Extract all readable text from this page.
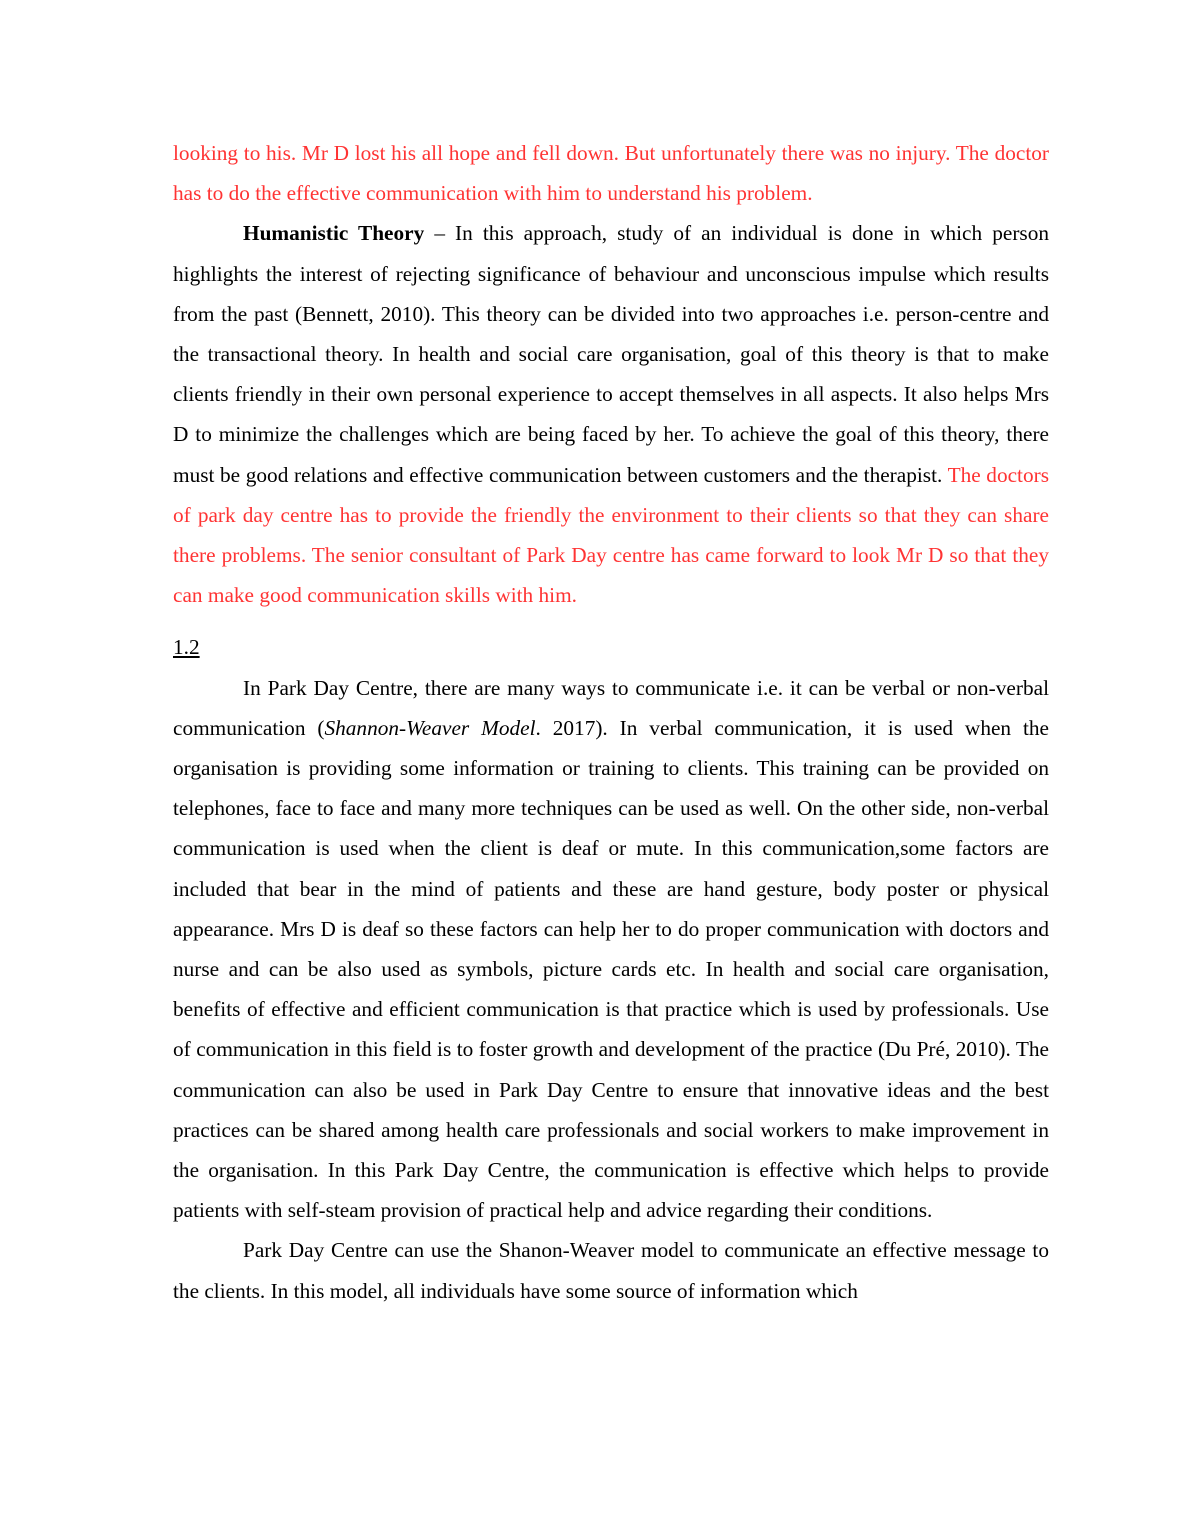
looking to his. Mr D lost his all hope and fell down. But unfortunately there was no injury. The doctor has to do the effective communication with him to understand his problem.

Humanistic Theory – In this approach, study of an individual is done in which person highlights the interest of rejecting significance of behaviour and unconscious impulse which results from the past (Bennett, 2010). This theory can be divided into two approaches i.e. person-centre and the transactional theory. In health and social care organisation, goal of this theory is that to make clients friendly in their own personal experience to accept themselves in all aspects. It also helps Mrs D to minimize the challenges which are being faced by her. To achieve the goal of this theory, there must be good relations and effective communication between customers and the therapist. The doctors of park day centre has to provide the friendly the environment to their clients so that they can share there problems. The senior consultant of Park Day centre has came forward to look Mr D so that they can make good communication skills with him.

1.2

In Park Day Centre, there are many ways to communicate i.e. it can be verbal or non-verbal communication (Shannon-Weaver Model. 2017). In verbal communication, it is used when the organisation is providing some information or training to clients. This training can be provided on telephones, face to face and many more techniques can be used as well. On the other side, non-verbal communication is used when the client is deaf or mute. In this communication,some factors are included that bear in the mind of patients and these are hand gesture, body poster or physical appearance. Mrs D is deaf so these factors can help her to do proper communication with doctors and nurse and can be also used as symbols, picture cards etc. In health and social care organisation, benefits of effective and efficient communication is that practice which is used by professionals. Use of communication in this field is to foster growth and development of the practice (Du Pré, 2010). The communication can also be used in Park Day Centre to ensure that innovative ideas and the best practices can be shared among health care professionals and social workers to make improvement in the organisation. In this Park Day Centre, the communication is effective which helps to provide patients with self-steam provision of practical help and advice regarding their conditions.

Park Day Centre can use the Shanon-Weaver model to communicate an effective message to the clients. In this model, all individuals have some source of information which
